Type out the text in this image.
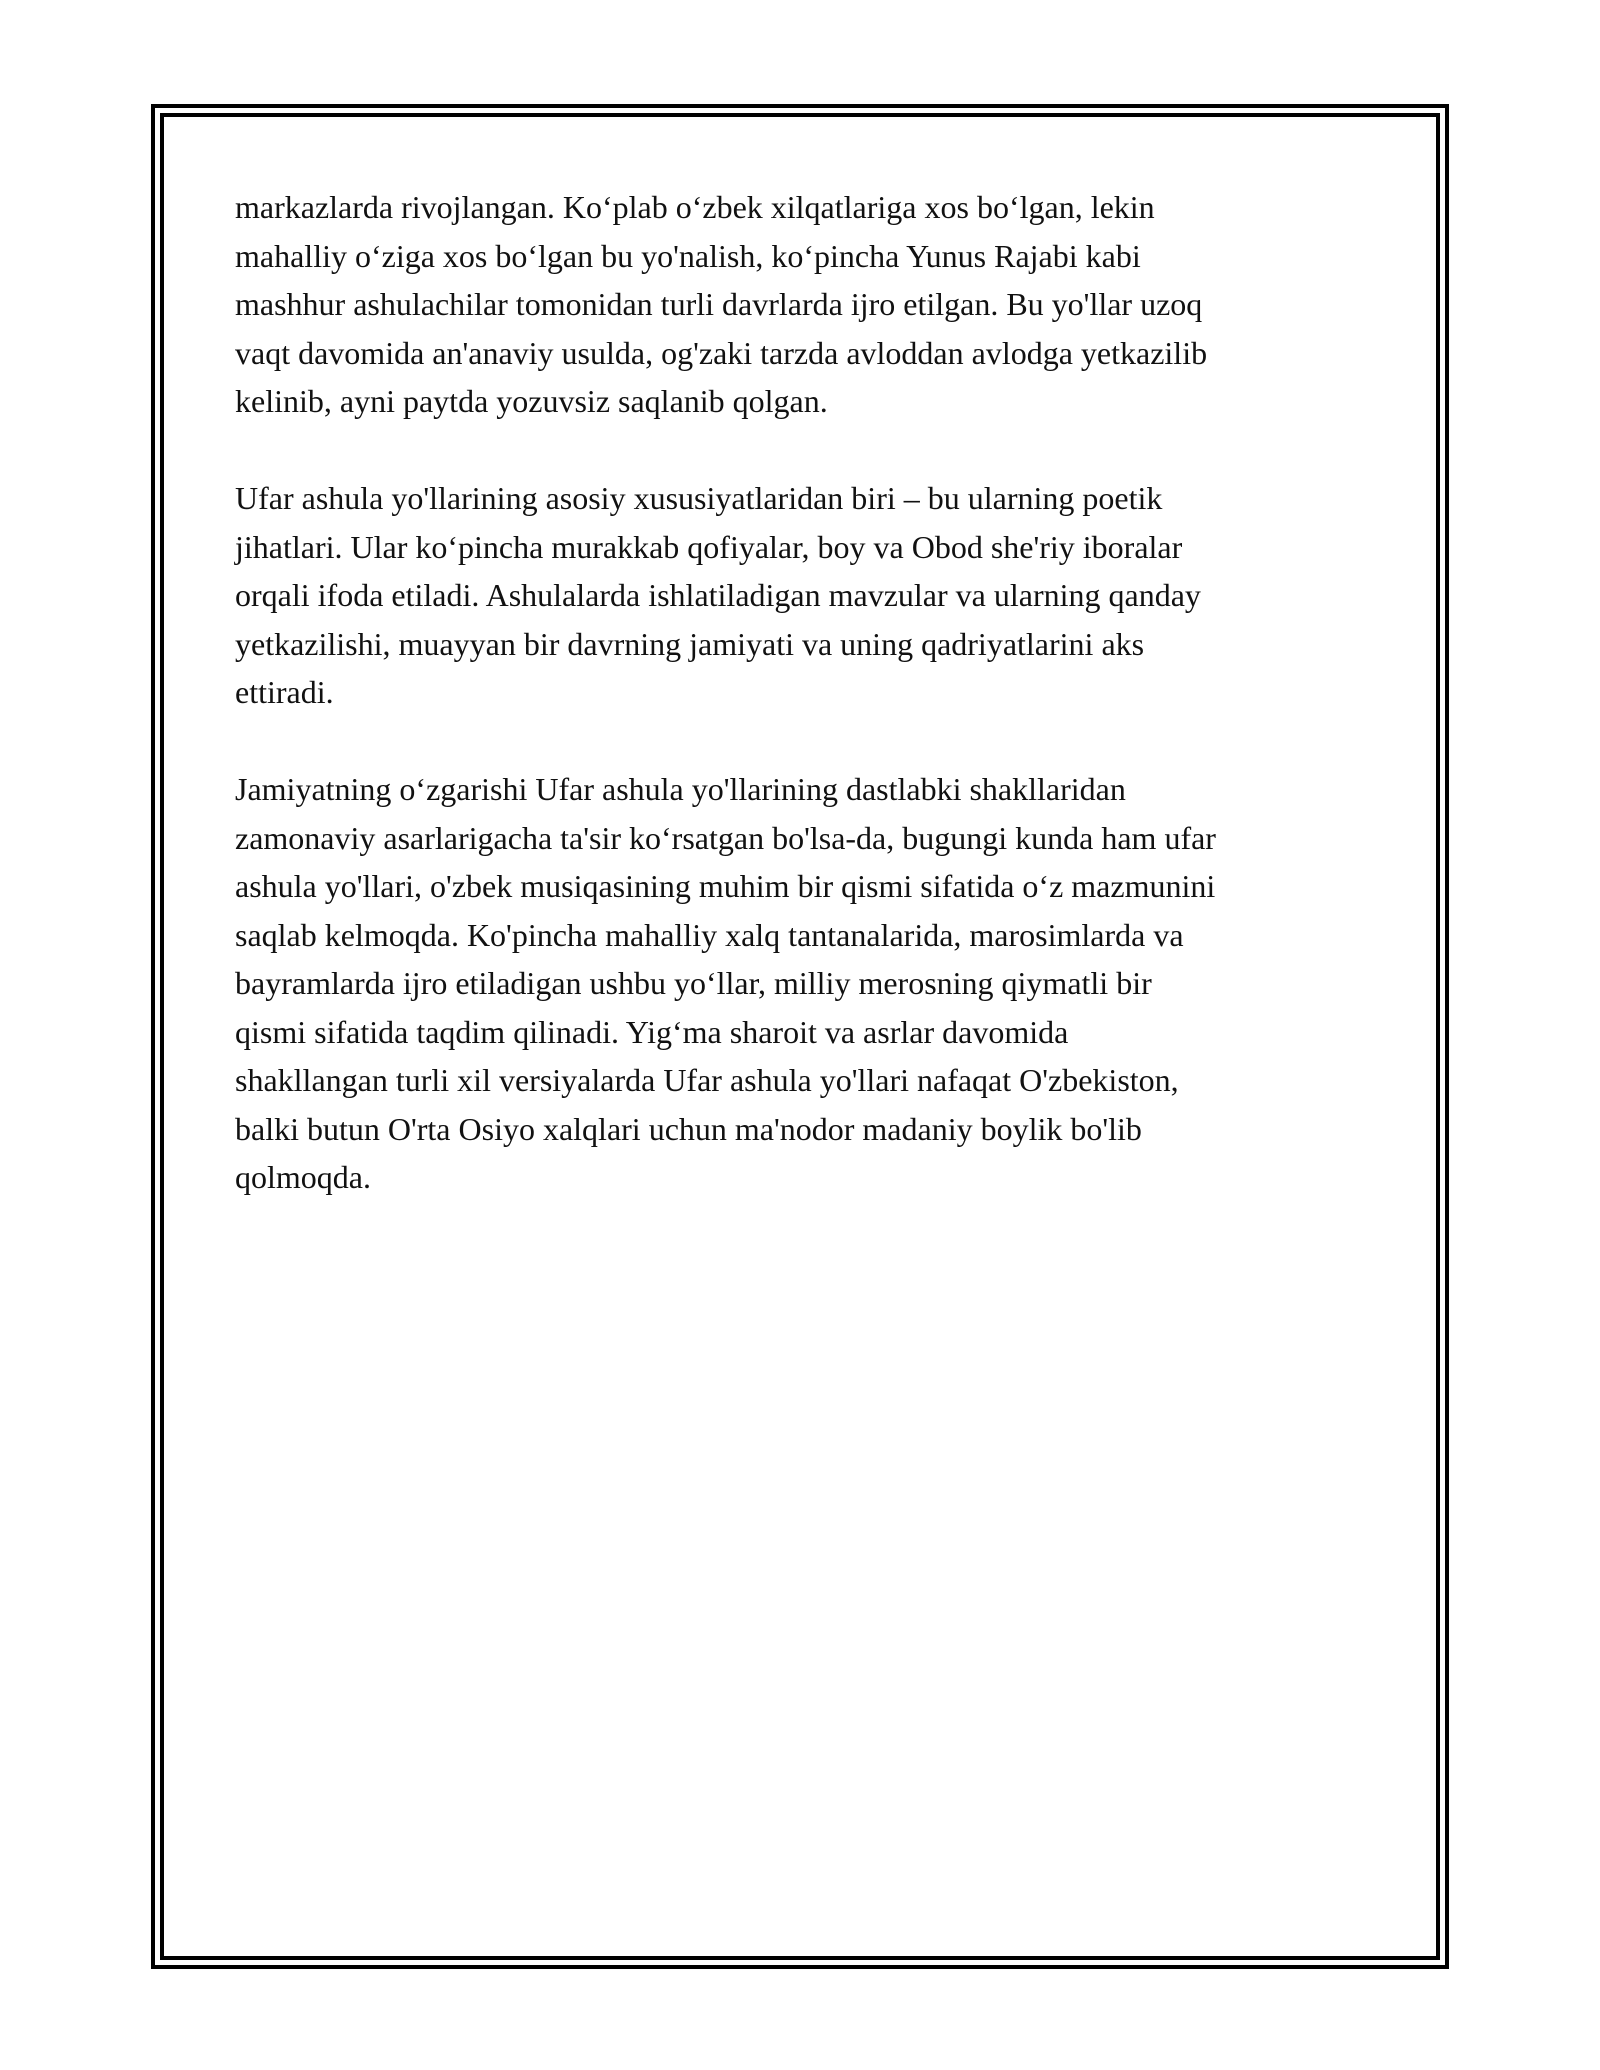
markazlarda rivojlangan. Koʻplab oʻzbek xilqatlariga xos boʻlgan, lekin
mahalliy oʻziga xos boʻlgan bu yo'nalish, koʻpincha Yunus Rajabi kabi
mashhur ashulachilar tomonidan turli davrlarda ijro etilgan. Bu yo'llar uzoq
vaqt davomida an'anaviy usulda, og'zaki tarzda avloddan avlodga yetkazilib
kelinib, ayni paytda yozuvsiz saqlanib qolgan.

Ufar ashula yo'llarining asosiy xususiyatlaridan biri – bu ularning poetik
jihatlari. Ular koʻpincha murakkab qofiyalar, boy va Obod she'riy iboralar
orqali ifoda etiladi. Ashulalarda ishlatiladigan mavzular va ularning qanday
yetkazilishi, muayyan bir davrning jamiyati va uning qadriyatlarini aks
ettiradi.

Jamiyatning oʻzgarishi Ufar ashula yo'llarining dastlabki shakllaridan
zamonaviy asarlarigacha ta'sir koʻrsatgan bo'lsa-da, bugungi kunda ham ufar
ashula yo'llari, o'zbek musiqasining muhim bir qismi sifatida oʻz mazmunini
saqlab kelmoqda. Ko'pincha mahalliy xalq tantanalarida, marosimlarda va
bayramlarda ijro etiladigan ushbu yoʻllar, milliy merosning qiymatli bir
qismi sifatida taqdim qilinadi. Yigʻma sharoit va asrlar davomida
shakllangan turli xil versiyalarda Ufar ashula yo'llari nafaqat O'zbekiston,
balki butun O'rta Osiyo xalqlari uchun ma'nodor madaniy boylik bo'lib
qolmoqda.
